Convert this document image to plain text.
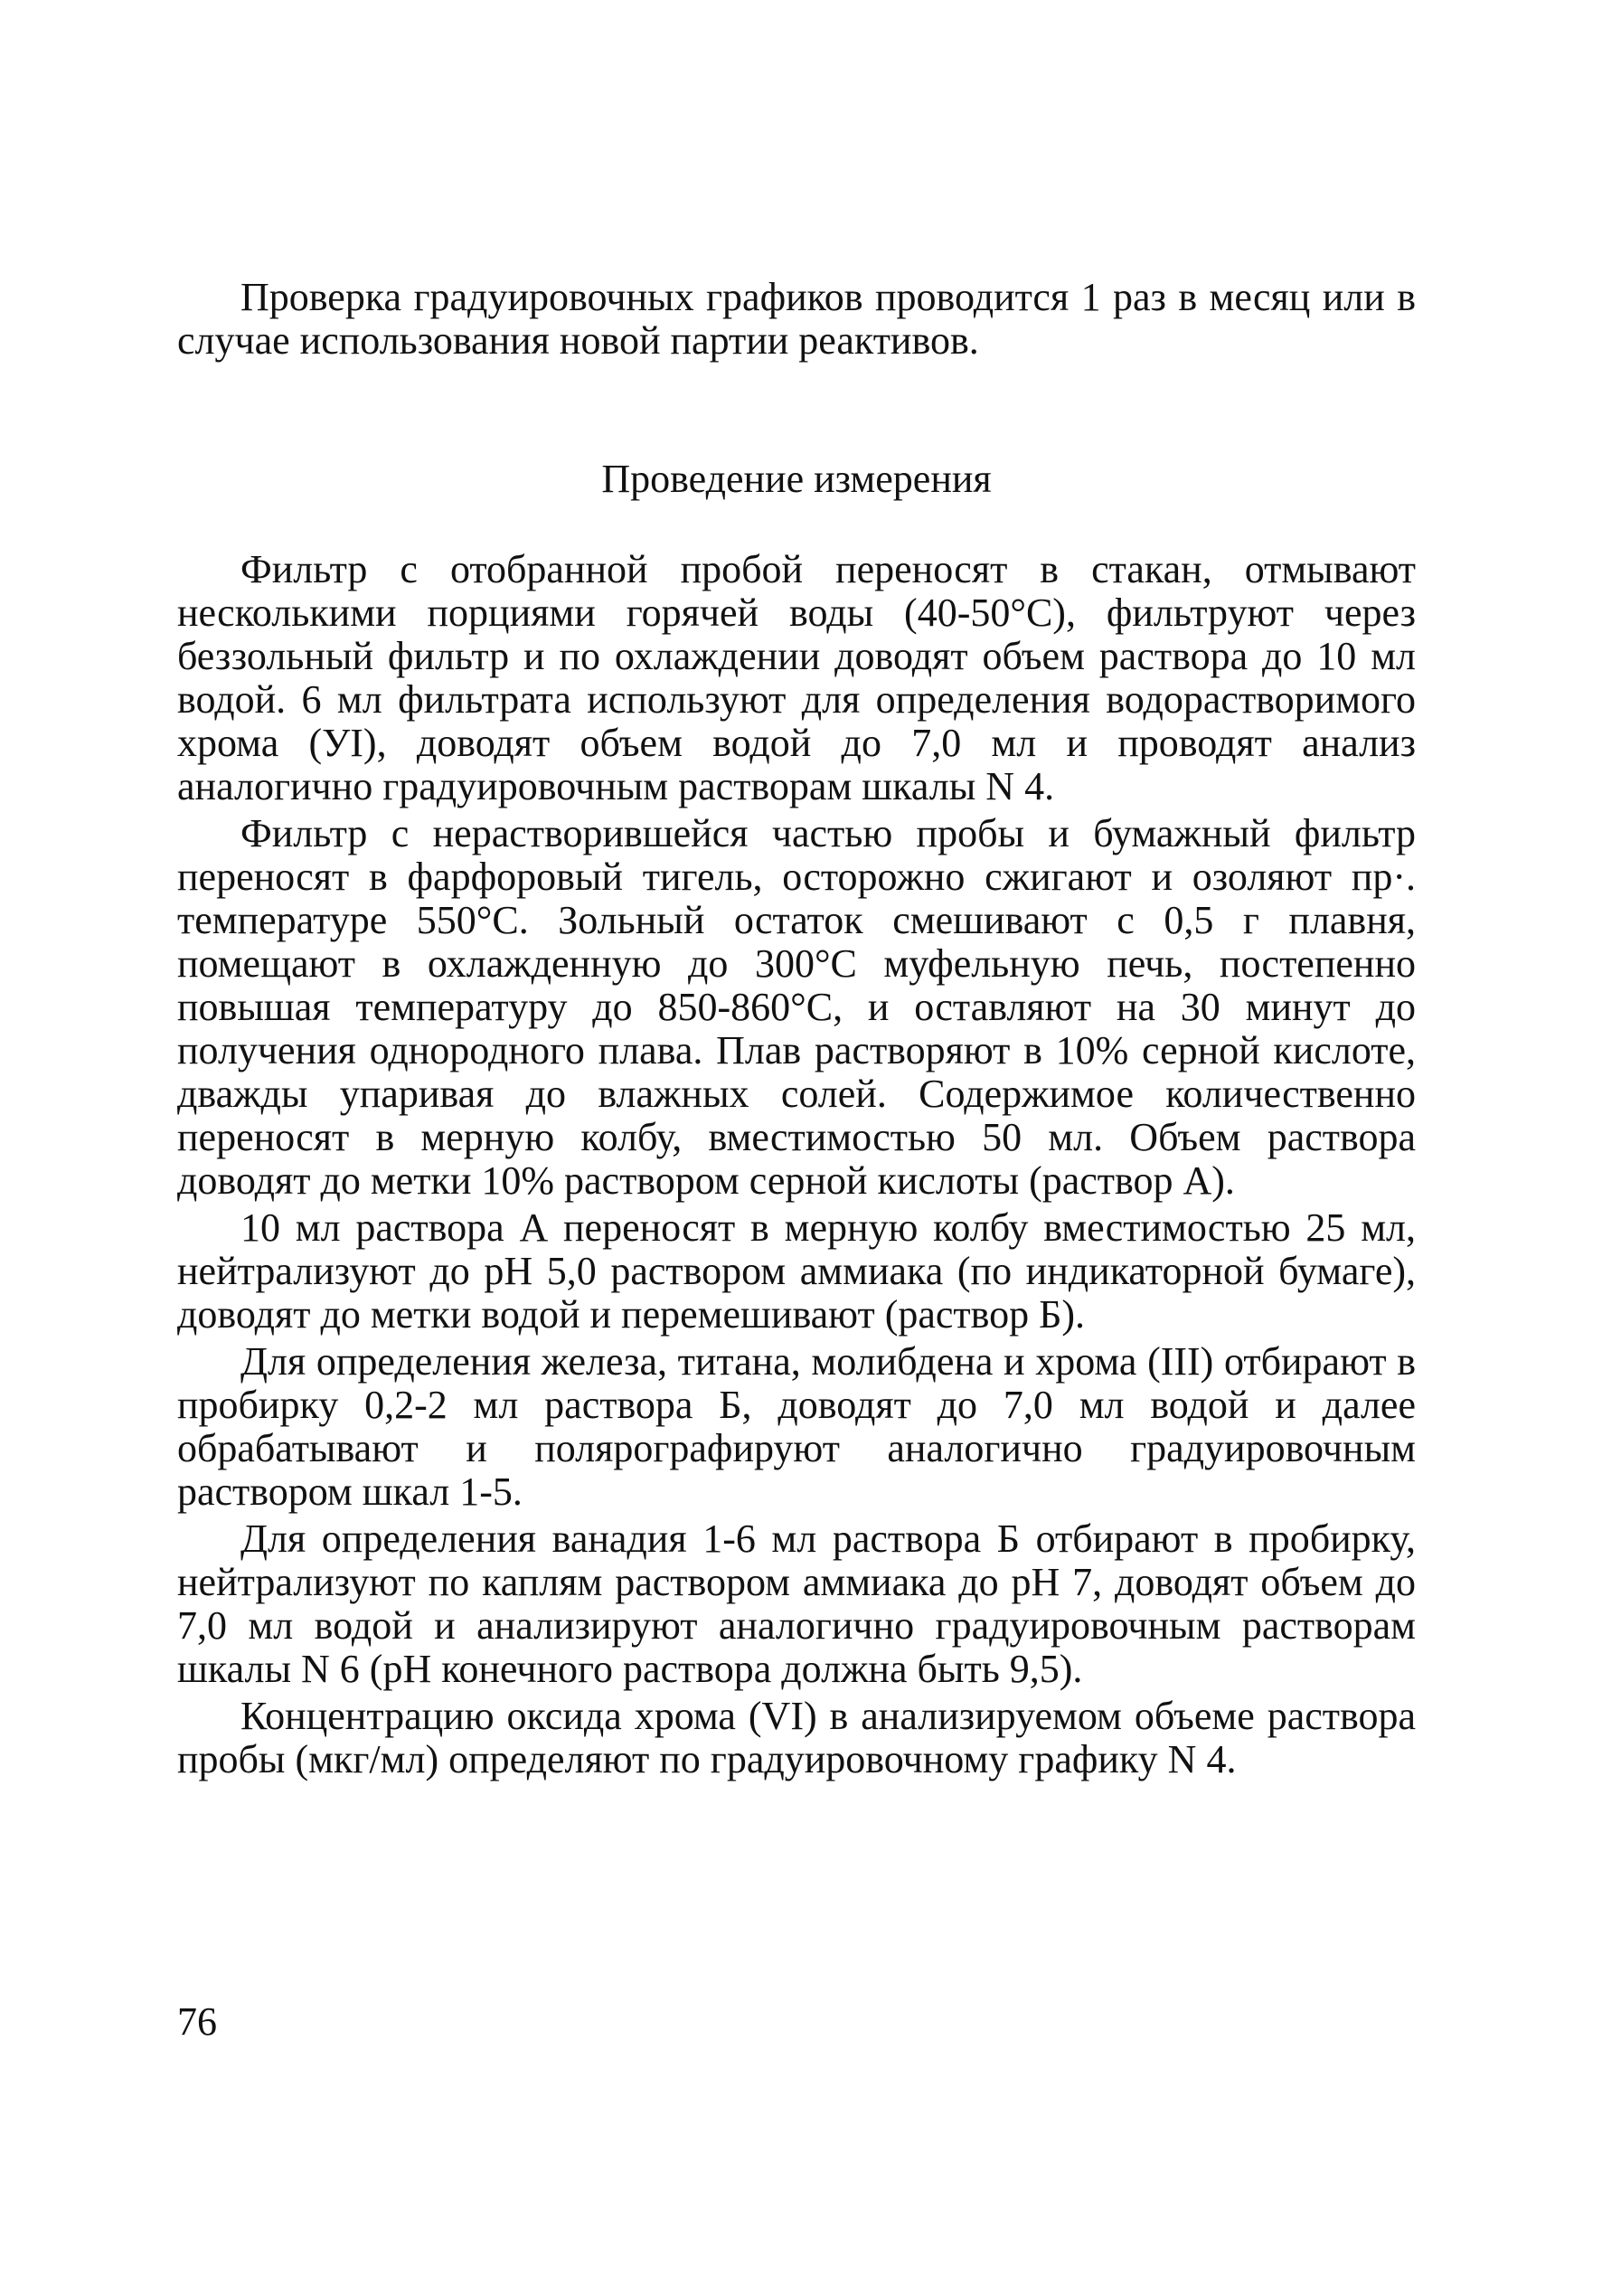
Проверка градуировочных графиков проводится 1 раз в месяц или в случае использования новой партии реактивов.

Проведение измерения

Фильтр с отобранной пробой переносят в стакан, отмывают несколькими порциями горячей воды (40-50°С), фильтруют через беззольный фильтр и по охлаждении доводят объем раствора до 10 мл водой. 6 мл фильтрата используют для определения водорастворимого хрома (УI), доводят объем водой до 7,0 мл и проводят анализ аналогично градуировочным растворам шкалы N 4.

Фильтр с нерастворившейся частью пробы и бумажный фильтр переносят в фарфоровый тигель, осторожно сжигают и озоляют пр·. температуре 550°С. Зольный остаток смешивают с 0,5 г плавня, помещают в охлажденную до 300°С муфельную печь, постепенно повышая температуру до 850-860°С, и оставляют на 30 минут до получения однородного плава. Плав растворяют в 10% серной кислоте, дважды упаривая до влажных солей. Содержимое количественно переносят в мерную колбу, вместимостью 50 мл. Объем раствора доводят до метки 10% раствором серной кислоты (раствор А).

10 мл раствора А переносят в мерную колбу вместимостью 25 мл, нейтрализуют до рН 5,0 раствором аммиака (по индикаторной бумаге), доводят до метки водой и перемешивают (раствор Б).

Для определения железа, титана, молибдена и хрома (III) отбирают в пробирку 0,2-2 мл раствора Б, доводят до 7,0 мл водой и далее обрабатывают и полярографируют аналогично градуировочным раствором шкал 1-5.

Для определения ванадия 1-6 мл раствора Б отбирают в пробирку, нейтрализуют по каплям раствором аммиака до рН 7, доводят объем до 7,0 мл водой и анализируют аналогично градуировочным растворам шкалы N 6 (рН конечного раствора должна быть 9,5).

Концентрацию оксида хрома (VI) в анализируемом объеме раствора пробы (мкг/мл) определяют по градуировочному графику N 4.

76
